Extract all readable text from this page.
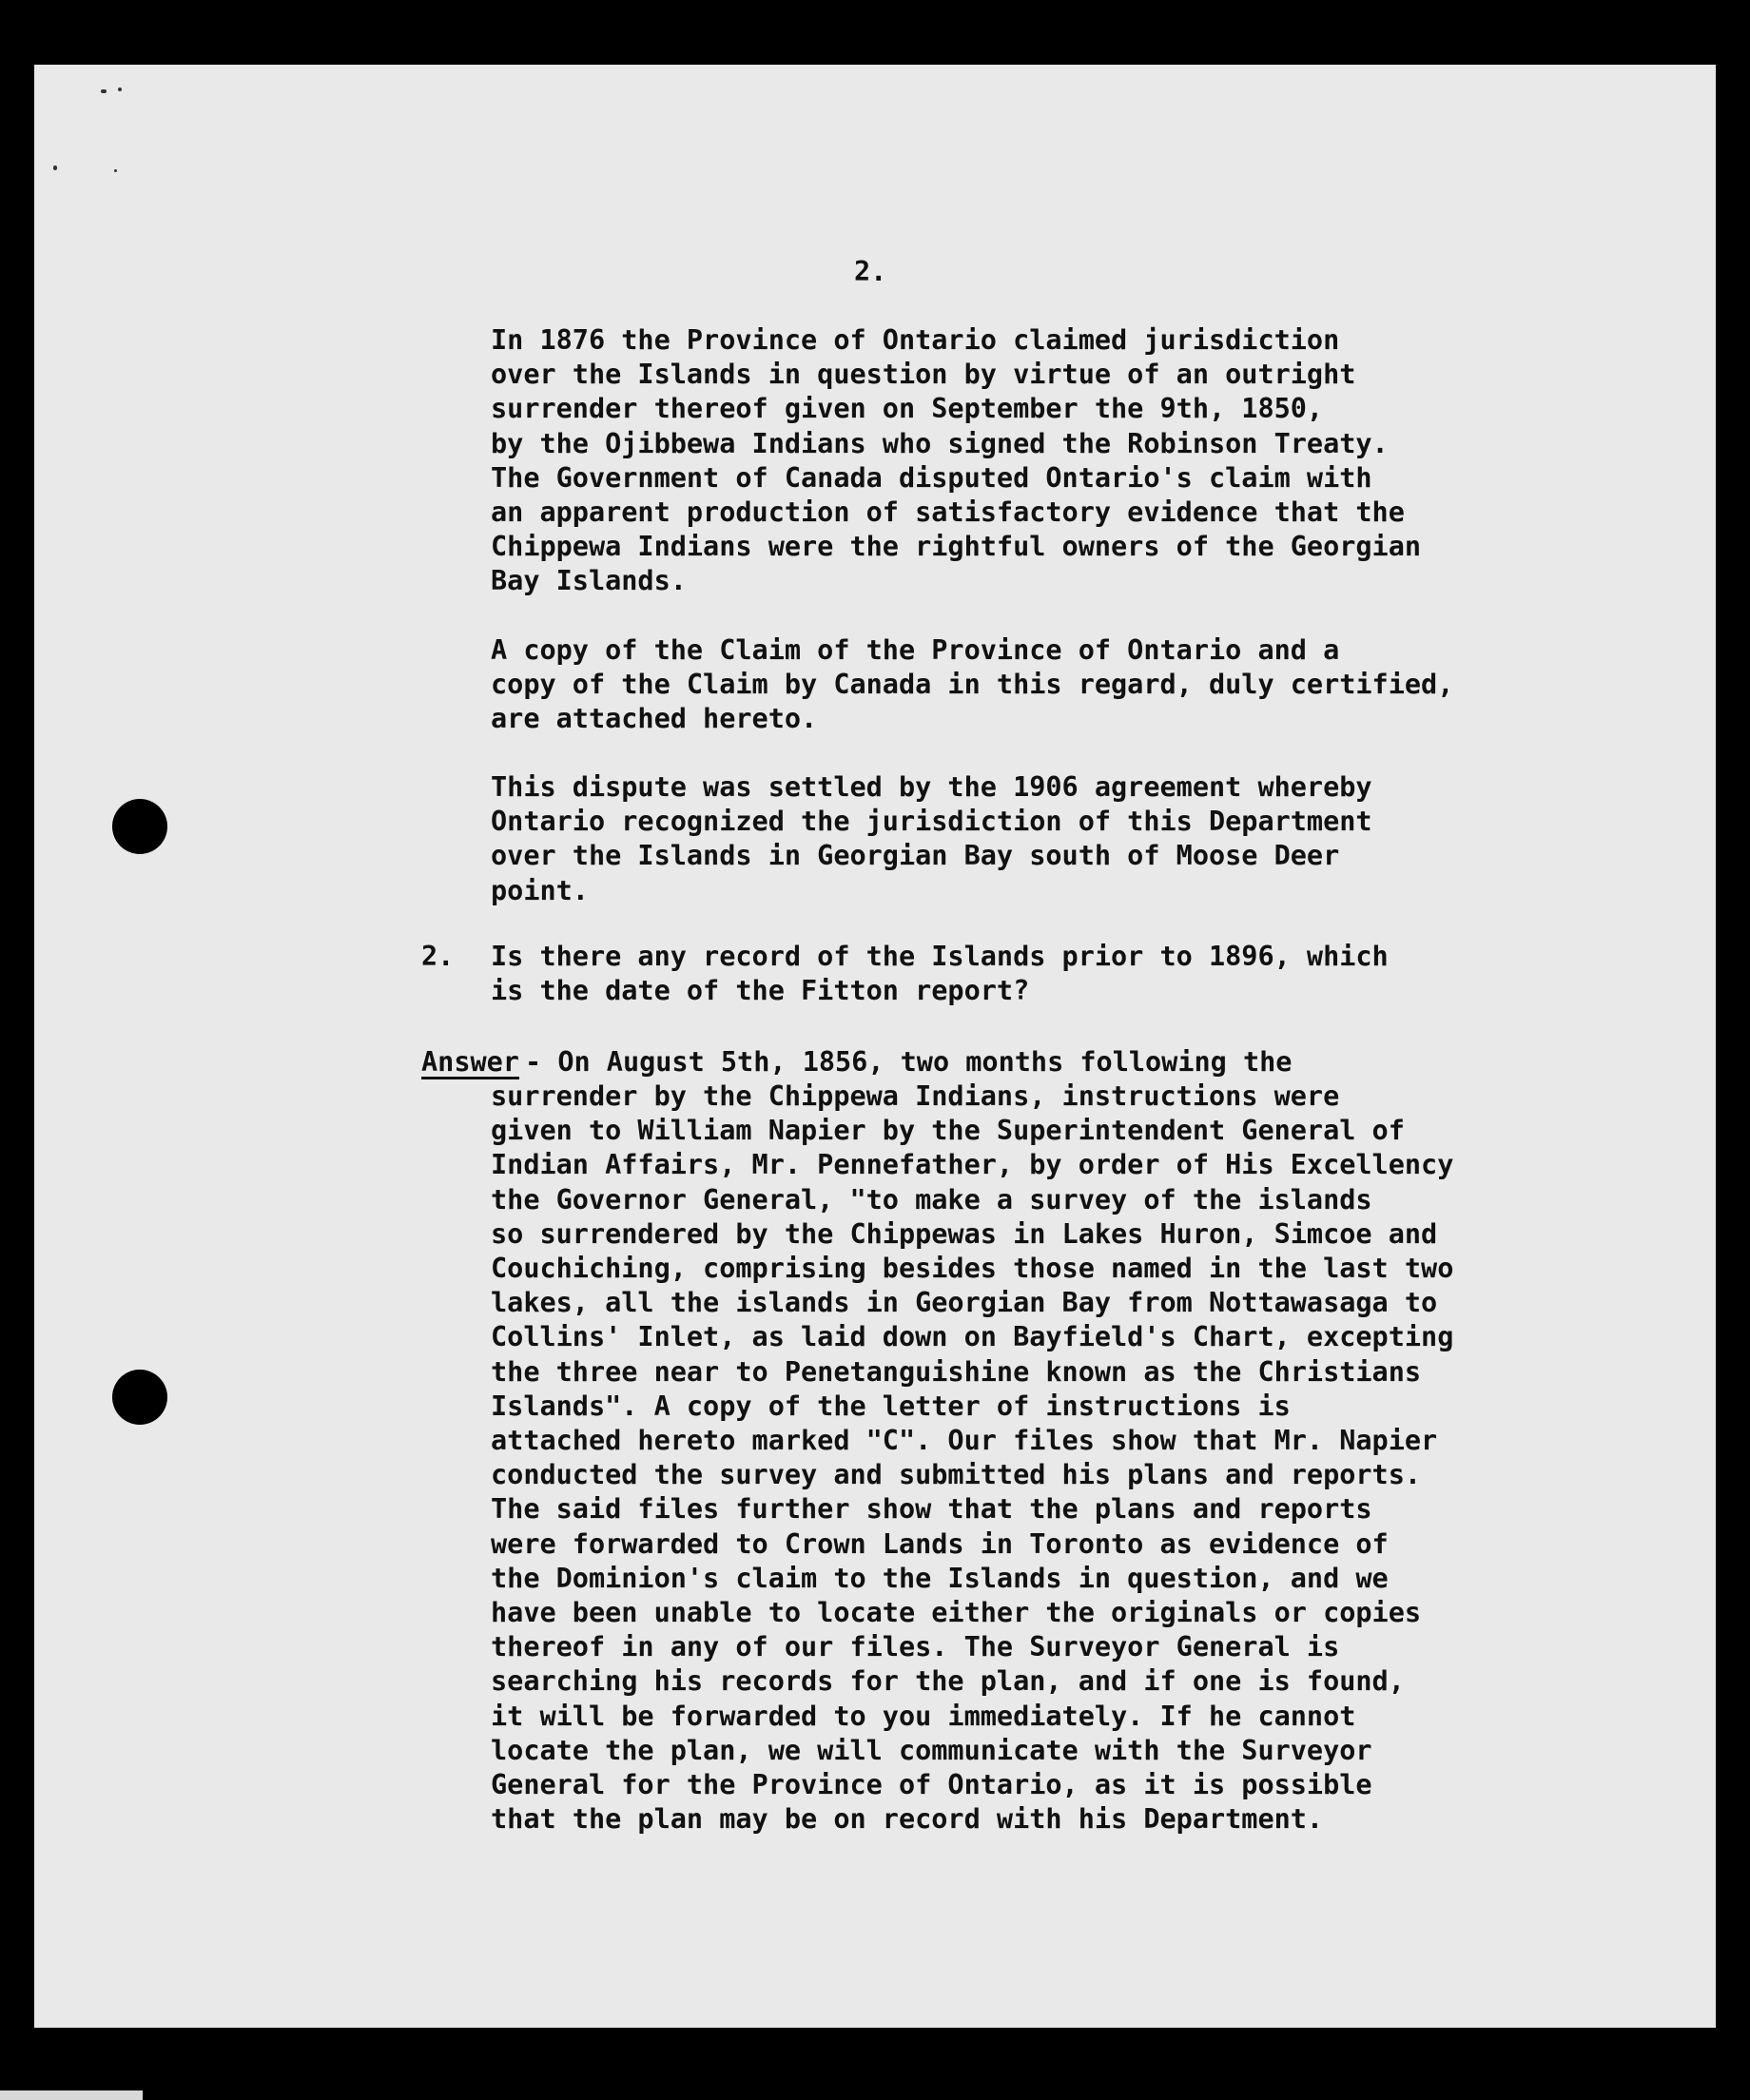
2.

In 1876 the Province of Ontario claimed jurisdiction
over the Islands in question by virtue of an outright
surrender thereof given on September the 9th, 1850,
by the Ojibbewa Indians who signed the Robinson Treaty.
The Government of Canada disputed Ontario's claim with
an apparent production of satisfactory evidence that the
Chippewa Indians were the rightful owners of the Georgian
Bay Islands.

A copy of the Claim of the Province of Ontario and a
copy of the Claim by Canada in this regard, duly certified,
are attached hereto.

This dispute was settled by the 1906 agreement whereby
Ontario recognized the jurisdiction of this Department
over the Islands in Georgian Bay south of Moose Deer
point.

2. Is there any record of the Islands prior to 1896, which
is the date of the Fitton report?

Answer - On August 5th, 1856, two months following the

surrender by the Chippewa Indians, instructions were
given to William Napier by the Superintendent General of
Indian Affairs, Mr. Pennefather, by order of His Excellency
the Governor General, "to make a survey of the islands
so surrendered by the Chippewas in Lakes Huron, Simcoe and
Couchiching, comprising besides those named in the last two
lakes, all the islands in Georgian Bay from Nottawasaga to
Collins' Inlet, as laid down on Bayfield's Chart, excepting
the three near to Penetanguishine known as the Christians
Islands". A copy of the letter of instructions is
attached hereto marked "C". Our files show that Mr. Napier
conducted the survey and submitted his plans and reports.
The said files further show that the plans and reports
were forwarded to Crown Lands in Toronto as evidence of
the Dominion's claim to the Islands in question, and we
have been unable to locate either the originals or copies
thereof in any of our files. The Surveyor General is
searching his records for the plan, and if one is found,
it will be forwarded to you immediately. If he cannot
locate the plan, we will communicate with the Surveyor
General for the Province of Ontario, as it is possible
that the plan may be on record with his Department.
